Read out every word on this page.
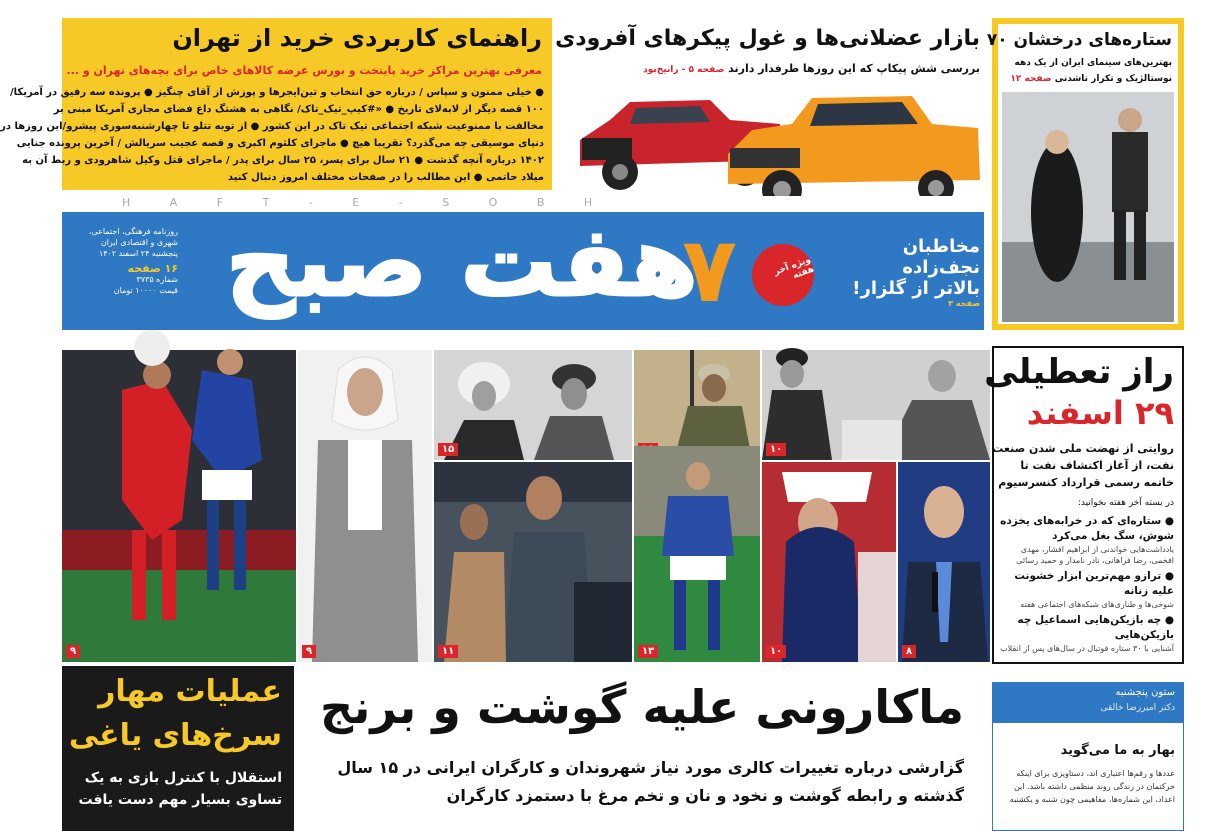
راهنمای کاربردی خرید از تهران
معرفی بهترین مراکز خرید پایتخت و بورس عرضه کالاهای خاص برای بچه‌های تهران و ...
● خیلی ممنون و سپاس / درباره حق انتخاب و تین‌ایجرها و پوزش از آقای چنگیز ● پرونده سه رفیق در آمریکا/
۱۰۰ قصه دیگر از لابه‌لای تاریخ ● «#کیپ_تیک_تاک/ نگاهی به هشتگ داغ فضای مجازی آمریکا مبنی بر
مخالفت با ممنوعیت شبکه اجتماعی تیک تاک در این کشور ● از توبه تتلو تا چهارشنبه‌سوری پیشرو/این روزها در
دنیای موسیقی چه می‌گذرد؟ تقریبا هیچ ● ماجرای کلثوم اکبری و قصه عجیب سریالش / آخرین پرونده جنایی
۱۴۰۲ درباره آنچه گذشت ● ۲۱ سال برای پسر، ۲۵ سال برای پدر / ماجرای قتل وکیل شاهرودی و ربط آن به
میلاد حاتمی ● این مطالب را در صفحات مختلف امروز دنبال کنید
بازار عضلانی‌ها و غول پیکرهای آفرودی
بررسی شش پیکاپ که این روزها طرفدار دارند صفحه ۵ - رانیخ‌بود
ستاره‌های درخشان ۷۰
بهترین‌های سینمای ایران از یک دهه
نوستالژیک و تکرار ناشدنی صفحه ۱۲
H A F T - E - S O B H
روزنامه فرهنگی، اجتماعی،
شهری و اقتصادی ایران
پنجشنبه ۲۴ اسفند ۱۴۰۲
۱۶ صفحه
شماره ۳۷۳۵
قیمت ۱۰۰۰۰ تومان هفت صبح
۷	ویژه آخر هفته
مخاطبان
نجف‌زاده
بالاتر از گلزار!
صفحه ۳
۹	۹
۱۵	۱۰
۱۱	۱۳	۱۰	۸
راز تعطیلی
۲۹ اسفند
روایتی از نهضت ملی شدن صنعت
نفت، از آغاز اکتشاف نفت تا
خاتمه رسمی قرارداد کنسرسیوم
در بسته آخر هفته بخوانید:
● ستاره‌ای که در خرابه‌های یخزده شوش، سگ بغل می‌کرد
یادداشت‌هایی خواندنی از ابراهیم افشار، مهدی افخمی، رضا فراهانی، نادر نامدار و حمید رسائی
● ترازو مهم‌ترین ابزار خشونت علیه زنانه
شوخی‌ها و طنازی‌های شبکه‌های اجتماعی هفته
● چه بازیکن‌هایی اسماعیل چه بازیکن‌هایی
آشنایی با ۳۰ ستاره فوتبال در سال‌های پس از انقلاب
عملیات مهار
سرخ‌های یاغی
استقلال با کنترل بازی به یک
تساوی بسیار مهم دست یافت
ماکارونی علیه گوشت و برنج
گزارشی درباره تغییرات کالری مورد نیاز شهروندان و کارگران ایرانی در ۱۵ سال
گذشته و رابطه گوشت و نخود و نان و تخم مرغ با دستمزد کارگران
ستون پنجشنبه
دکتر امیررضا خالقی
بهار به ما می‌گوید
عددها و رقم‌ها اعتباری اند، دستاویزی برای اینکه
حرکتمان در زندگی روند منظمی داشته باشد. این
اعداد، این شماره‌ها، مفاهیمی چون شنبه و یکشنبه
